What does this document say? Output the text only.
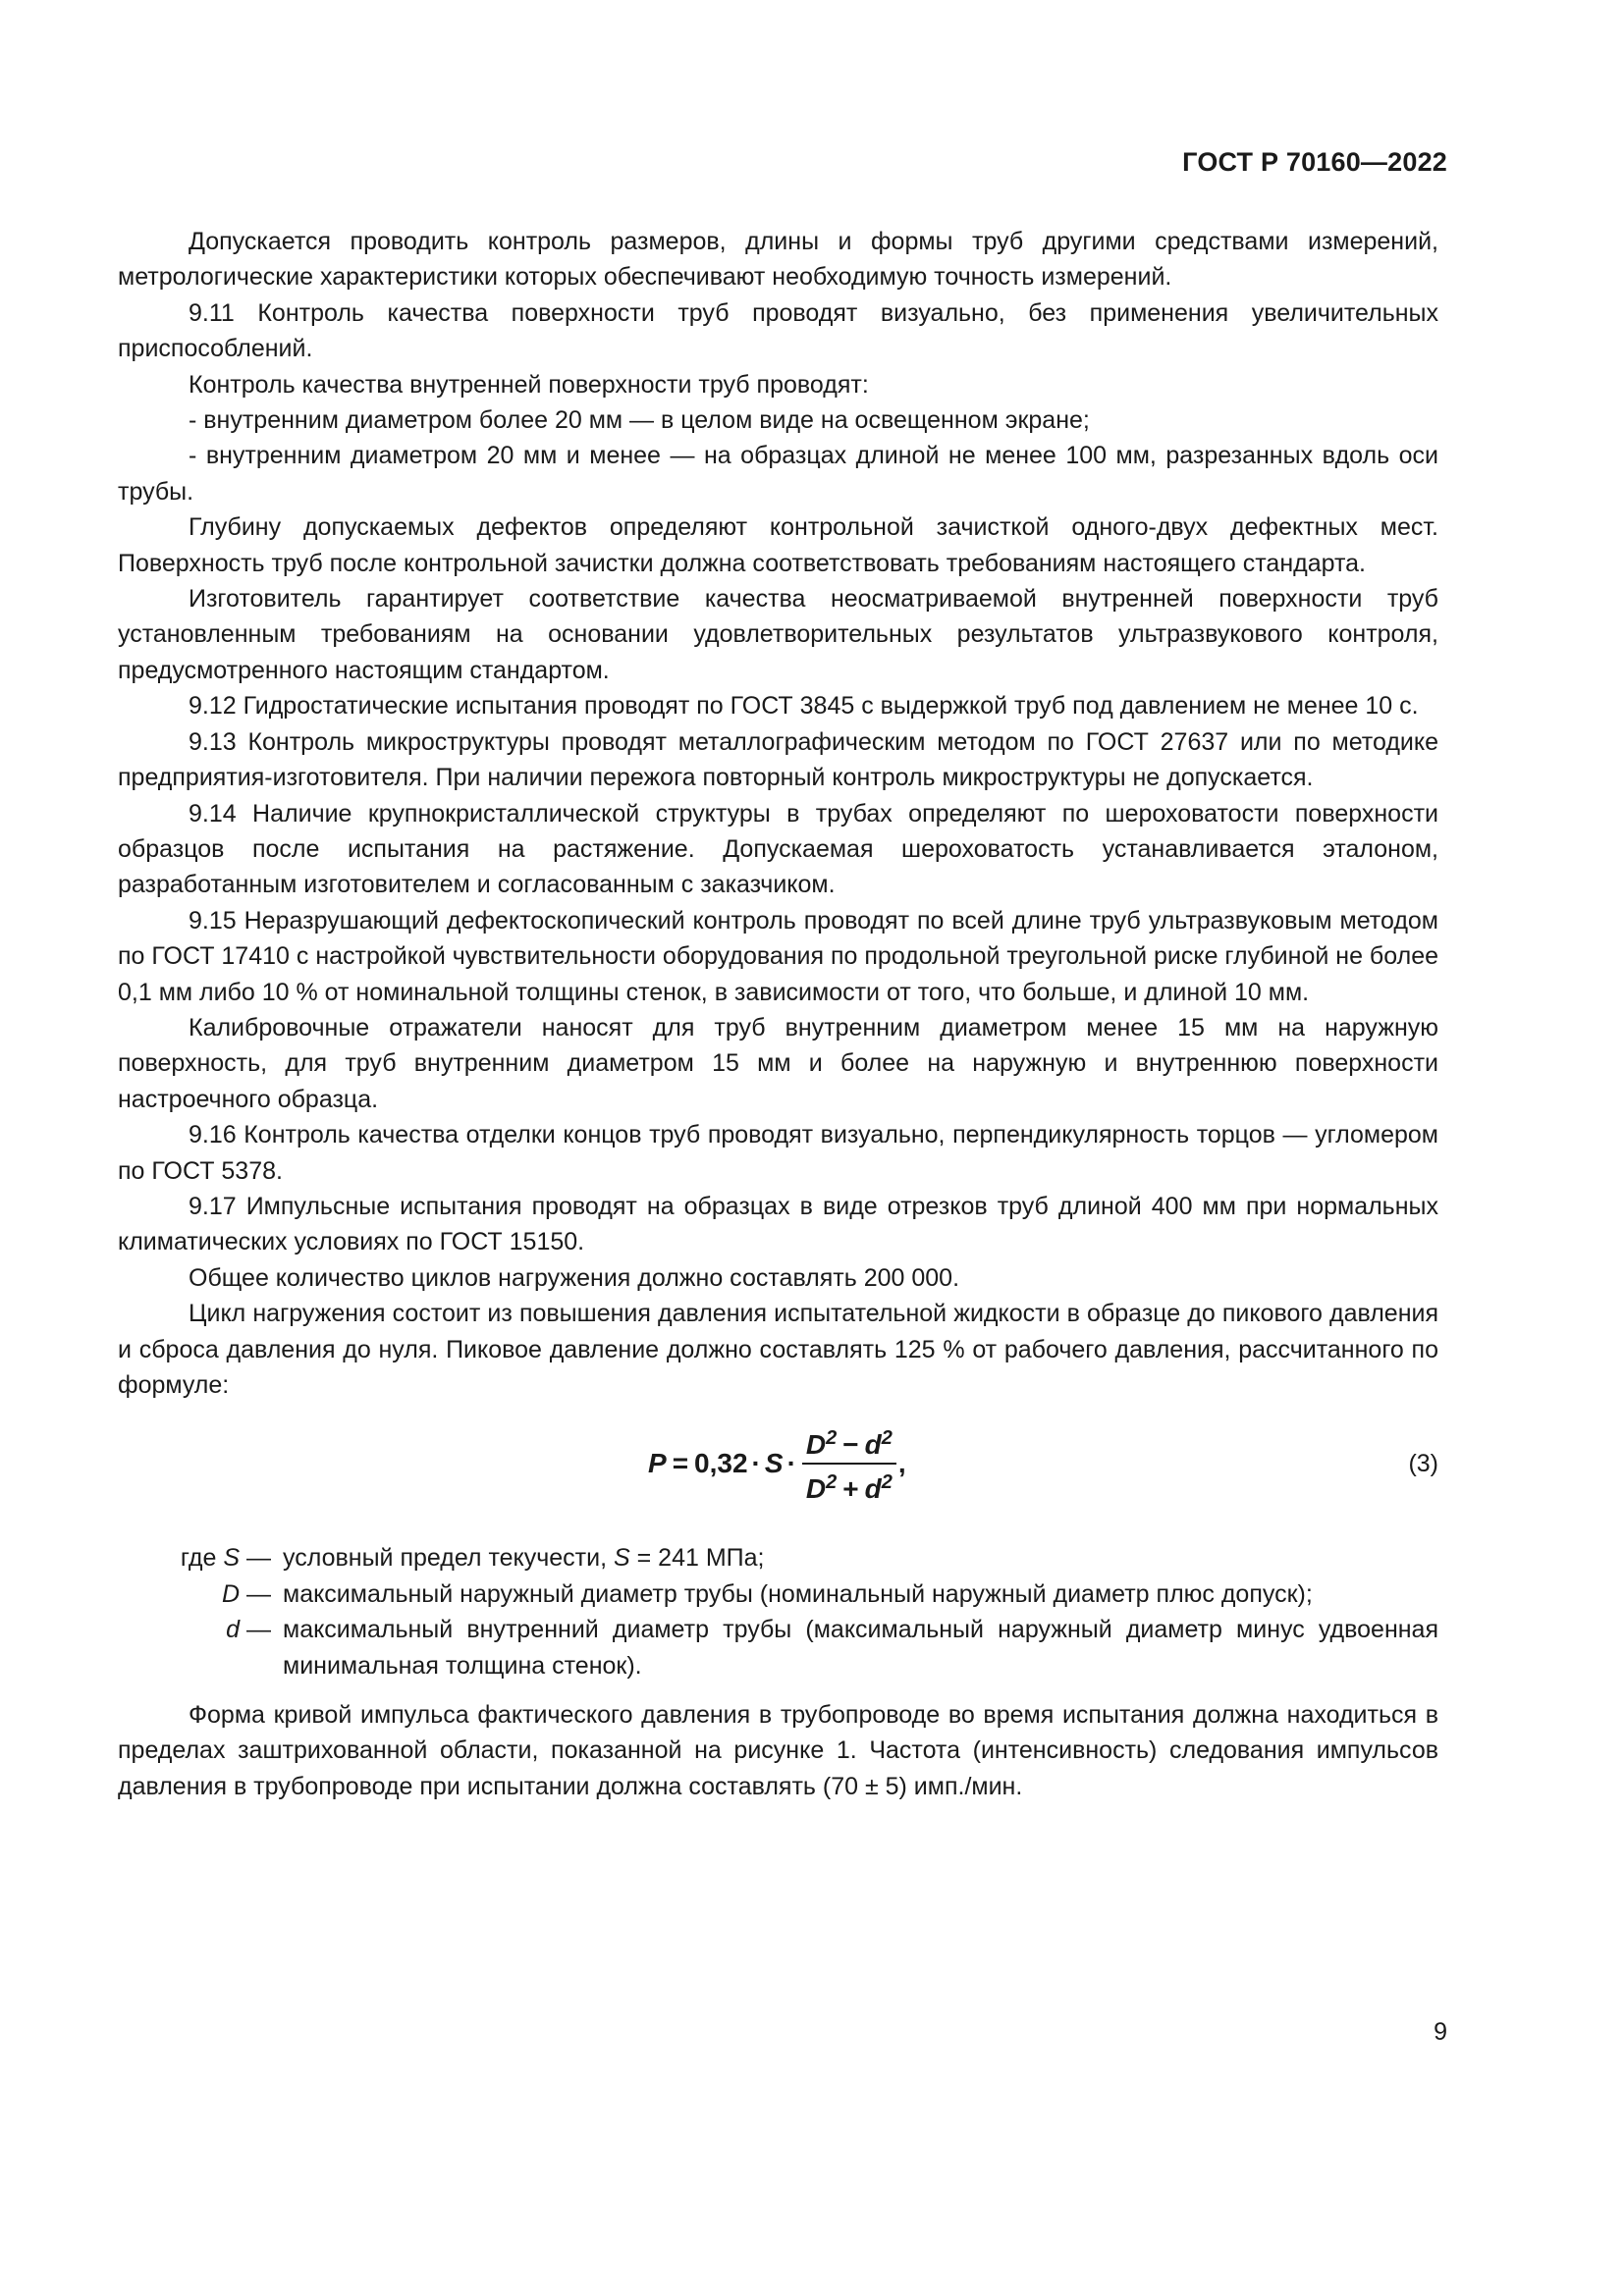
ГОСТ Р 70160—2022

Допускается проводить контроль размеров, длины и формы труб другими средствами измерений, метрологические характеристики которых обеспечивают необходимую точность измерений.

9.11 Контроль качества поверхности труб проводят визуально, без применения увеличительных приспособлений.

Контроль качества внутренней поверхности труб проводят:

- внутренним диаметром более 20 мм — в целом виде на освещенном экране;

- внутренним диаметром 20 мм и менее — на образцах длиной не менее 100 мм, разрезанных вдоль оси трубы.

Глубину допускаемых дефектов определяют контрольной зачисткой одного-двух дефектных мест. Поверхность труб после контрольной зачистки должна соответствовать требованиям настоящего стандарта.

Изготовитель гарантирует соответствие качества неосматриваемой внутренней поверхности труб установленным требованиям на основании удовлетворительных результатов ультразвукового контроля, предусмотренного настоящим стандартом.

9.12 Гидростатические испытания проводят по ГОСТ 3845 с выдержкой труб под давлением не менее 10 с.

9.13 Контроль микроструктуры проводят металлографическим методом по ГОСТ 27637 или по методике предприятия-изготовителя. При наличии пережога повторный контроль микроструктуры не допускается.

9.14 Наличие крупнокристаллической структуры в трубах определяют по шероховатости поверхности образцов после испытания на растяжение. Допускаемая шероховатость устанавливается эталоном, разработанным изготовителем и согласованным с заказчиком.

9.15 Неразрушающий дефектоскопический контроль проводят по всей длине труб ультразвуковым методом по ГОСТ 17410 с настройкой чувствительности оборудования по продольной треугольной риске глубиной не более 0,1 мм либо 10 % от номинальной толщины стенок, в зависимости от того, что больше, и длиной 10 мм.

Калибровочные отражатели наносят для труб внутренним диаметром менее 15 мм на наружную поверхность, для труб внутренним диаметром 15 мм и более на наружную и внутреннюю поверхности настроечного образца.

9.16 Контроль качества отделки концов труб проводят визуально, перпендикулярность торцов — угломером по ГОСТ 5378.

9.17 Импульсные испытания проводят на образцах в виде отрезков труб длиной 400 мм при нормальных климатических условиях по ГОСТ 15150.

Общее количество циклов нагружения должно составлять 200 000.

Цикл нагружения состоит из повышения давления испытательной жидкости в образце до пикового давления и сброса давления до нуля. Пиковое давление должно составлять 125 % от рабочего давления, рассчитанного по формуле:

$P = 0,32 \cdot S \cdot \frac{D^2 - d^2}{D^2 + d^2}$ ,	(3)
где S — условный предел текучести, S = 241 МПа;
D — максимальный наружный диаметр трубы (номинальный наружный диаметр плюс допуск);
d — максимальный внутренний диаметр трубы (максимальный наружный диаметр минус удвоенная минимальная толщина стенок).

Форма кривой импульса фактического давления в трубопроводе во время испытания должна находиться в пределах заштрихованной области, показанной на рисунке 1. Частота (интенсивность) следования импульсов давления в трубопроводе при испытании должна составлять (70 ± 5) имп./мин.

9
